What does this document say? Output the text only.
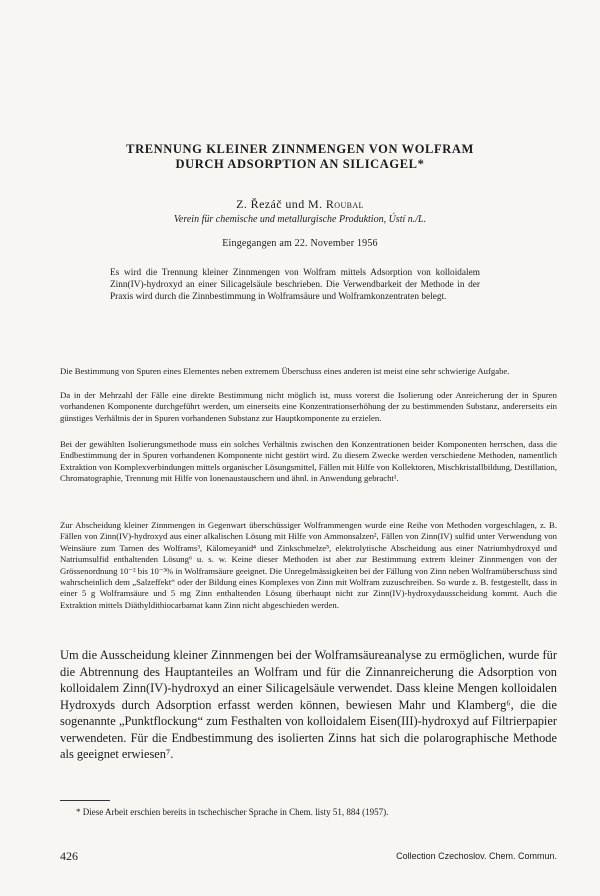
TRENNUNG KLEINER ZINNMENGEN VON WOLFRAM
DURCH ADSORPTION AN SILICAGEL*
Z. Řezáč und M. Roubal
Verein für chemische und metallurgische Produktion, Ústí n./L.
Eingegangen am 22. November 1956

Es wird die Trennung kleiner Zinnmengen von Wolfram mittels Adsorption von kolloidalem Zinn(IV)-hydroxyd an einer Silicagelsäule beschrieben. Die Verwendbarkeit der Methode in der Praxis wird durch die Zinnbestimmung in Wolframsäure und Wolframkonzentraten belegt.

Die Bestimmung von Spuren eines Elementes neben extremem Überschuss eines anderen ist meist eine sehr schwierige Aufgabe.

Da in der Mehrzahl der Fälle eine direkte Bestimmung nicht möglich ist, muss vorerst die Isolierung oder Anreicherung der in Spuren vorhandenen Komponente durchgeführt werden, um einerseits eine Konzentrationserhöhung der zu bestimmenden Substanz, andererseits ein günstiges Verhältnis der in Spuren vorhandenen Substanz zur Hauptkomponente zu erzielen.

Bei der gewählten Isolierungsmethode muss ein solches Verhältnis zwischen den Konzentrationen beider Komponenten herrschen, dass die Endbestimmung der in Spuren vorhandenen Komponente nicht gestört wird. Zu diesem Zwecke werden verschiedene Methoden, namentlich Extraktion von Komplexverbindungen mittels organischer Lösungsmittel, Fällen mit Hilfe von Kollektoren, Mischkristallbildung, Destillation, Chromatographie, Trennung mit Hilfe von Ionenaustauschern und ähnl. in Anwendung gebracht¹.

Zur Abscheidung kleiner Zinnmengen in Gegenwart überschüssiger Wolframmengen wurde eine Reihe von Methoden vorgeschlagen, z. B. Fällen von Zinn(IV)-hydroxyd aus einer alkalischen Lösung mit Hilfe von Ammonsalzen², Fällen von Zinn(IV) sulfid unter Verwendung von Weinsäure zum Tarnen des Wolframs³, Kälomeyanid⁴ und Zinkschmelze⁵, elektrolytische Abscheidung aus einer Natriumhydroxyd und Natriumsulfid enthaltenden Lösung⁶ u. s. w. Keine dieser Methoden ist aber zur Bestimmung extrem kleiner Zinnmengen von der Grössenordnung 10⁻² bis 10⁻³% in Wolframsäure geeignet. Die Unregelmässigkeiten bei der Fällung von Zinn neben Wolframüberschuss sind wahrscheinlich dem „Salzeffekt“ oder der Bildung eines Komplexes von Zinn mit Wolfram zuzuschreiben. So wurde z. B. festgestellt, dass in einer 5 g Wolframsäure und 5 mg Zinn enthaltenden Lösung überhaupt nicht zur Zinn(IV)-hydroxydausscheidung kommt. Auch die Extraktion mittels Diäthyldithiocarbamat kann Zinn nicht abgeschieden werden.

Um die Ausscheidung kleiner Zinnmengen bei der Wolframsäureanalyse zu ermöglichen, wurde für die Abtrennung des Hauptanteiles an Wolfram und für die Zinnanreicherung die Adsorption von kolloidalem Zinn(IV)-hydroxyd an einer Silicagelsäule verwendet. Dass kleine Mengen kolloidalen Hydroxyds durch Adsorption erfasst werden können, bewiesen Mahr und Klamberg⁶, die die sogenannte „Punktflockung“ zum Festhalten von kolloidalem Eisen(III)-hydroxyd auf Filtrierpapier verwendeten. Für die Endbestimmung des isolierten Zinns hat sich die polarographische Methode als geeignet erwiesen⁷.

* Diese Arbeit erschien bereits in tschechischer Sprache in Chem. listy 51, 884 (1957).

426	Collection Czechoslov. Chem. Commun.
